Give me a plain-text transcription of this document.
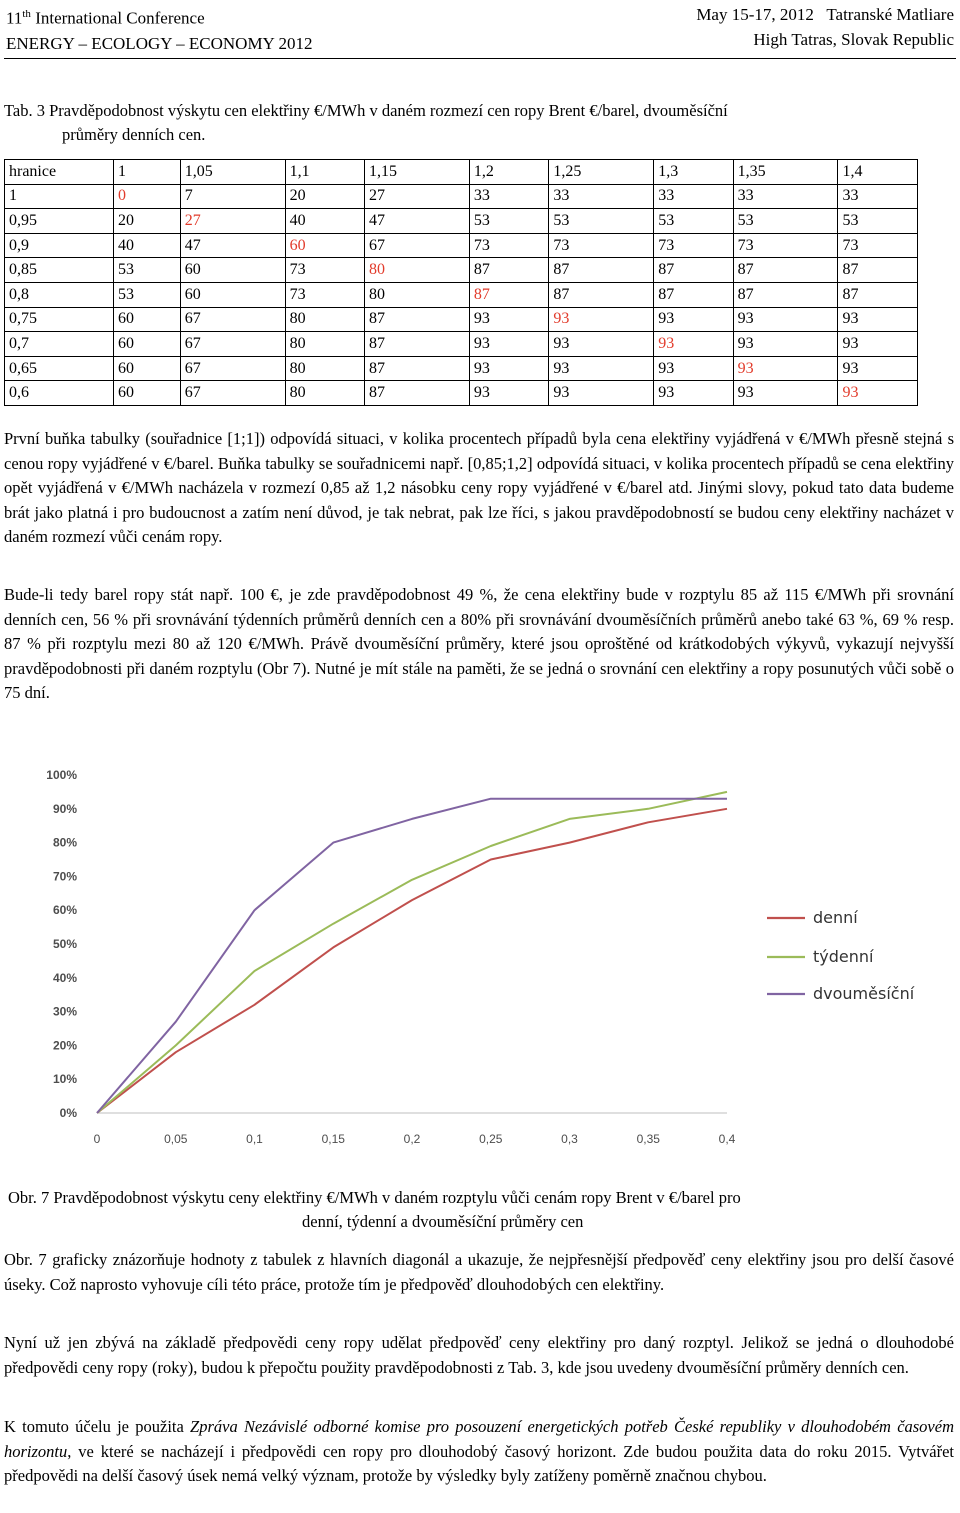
11th International Conference
ENERGY – ECOLOGY – ECONOMY 2012
May 15-17, 2012   Tatranské Matliare
High Tatras, Slovak Republic
Tab. 3 Pravděpodobnost výskytu cen elektřiny €/MWh v daném rozmezí cen ropy Brent €/barel, dvouměsíční
průměry denních cen.
hranice	1	1,05	1,1	1,15	1,2	1,25	1,3	1,35	1,4
1	0	7	20	27	33	33	33	33	33
0,95	20	27	40	47	53	53	53	53	53
0,9	40	47	60	67	73	73	73	73	73
0,85	53	60	73	80	87	87	87	87	87
0,8	53	60	73	80	87	87	87	87	87
0,75	60	67	80	87	93	93	93	93	93
0,7	60	67	80	87	93	93	93	93	93
0,65	60	67	80	87	93	93	93	93	93
0,6	60	67	80	87	93	93	93	93	93
První buňka tabulky (souřadnice [1;1]) odpovídá situaci, v kolika procentech případů byla cena elektřiny vyjádřená v €/MWh přesně stejná s cenou ropy vyjádřené v €/barel. Buňka tabulky se souřadnicemi např. [0,85;1,2] odpovídá situaci, v kolika procentech případů se cena elektřiny opět vyjádřená v €/MWh nacházela v rozmezí 0,85 až 1,2 násobku ceny ropy vyjádřené v €/barel atd. Jinými slovy, pokud tato data budeme brát jako platná i pro budoucnost a zatím není důvod, je tak nebrat, pak lze říci, s jakou pravděpodobností se budou ceny elektřiny nacházet v daném rozmezí vůči cenám ropy.
Bude-li tedy barel ropy stát např. 100 €, je zde pravděpodobnost 49 %, že cena elektřiny bude v rozptylu 85 až 115 €/MWh při srovnání denních cen, 56 % při srovnávání týdenních průměrů denních cen a 80% při srovnávání dvouměsíčních průměrů anebo také 63 %, 69 % resp. 87 % při rozptylu mezi 80 až 120 €/MWh. Právě dvouměsíční průměry, které jsou oproštěné od krátkodobých výkyvů, vykazují nejvyšší pravděpodobnosti při daném rozptylu (Obr 7). Nutné je mít stále na paměti, že se jedná o srovnání cen elektřiny a ropy posunutých vůči sobě o 75 dní.
0%
10%
20%
30%
40%
50%
60%
70%
80%
90%
100%
0	0,05	0,1	0,15	0,2	0,25	0,3	0,35	0,4
denní
týdenní
dvouměsíční
Obr. 7 Pravděpodobnost výskytu ceny elektřiny €/MWh v daném rozptylu vůči cenám ropy Brent v €/barel pro
denní, týdenní a dvouměsíční průměry cen
Obr. 7 graficky znázorňuje hodnoty z tabulek z hlavních diagonál a ukazuje, že nejpřesnější předpověď ceny elektřiny jsou pro delší časové úseky. Což naprosto vyhovuje cíli této práce, protože tím je předpověď dlouhodobých cen elektřiny.
Nyní už jen zbývá na základě předpovědi ceny ropy udělat předpověď ceny elektřiny pro daný rozptyl. Jelikož se jedná o dlouhodobé předpovědi ceny ropy (roky), budou k přepočtu použity pravděpodobnosti z Tab. 3, kde jsou uvedeny dvouměsíční průměry denních cen.
K tomuto účelu je použita Zpráva Nezávislé odborné komise pro posouzení energetických potřeb České republiky v dlouhodobém časovém horizontu, ve které se nacházejí i předpovědi cen ropy pro dlouhodobý časový horizont. Zde budou použita data do roku 2015. Vytvářet předpovědi na delší časový úsek nemá velký význam, protože by výsledky byly zatíženy poměrně značnou chybou.
